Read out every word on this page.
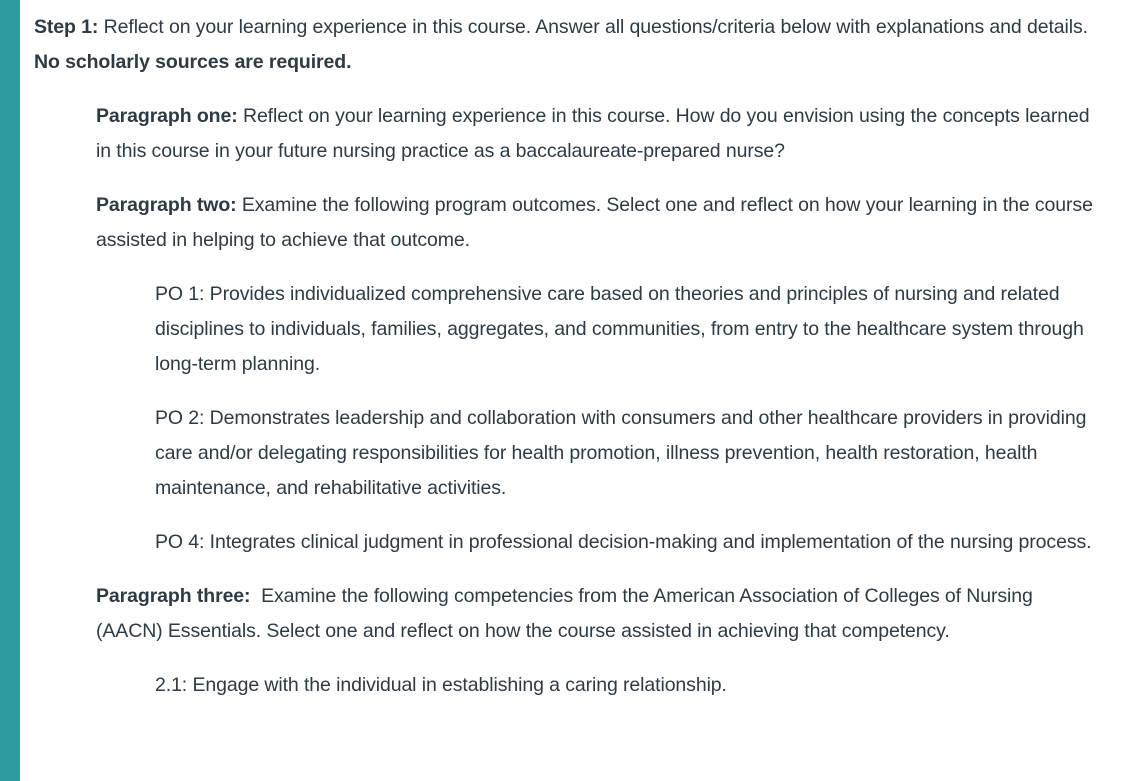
Step 1: Reflect on your learning experience in this course. Answer all questions/criteria below with explanations and details. No scholarly sources are required.

Paragraph one: Reflect on your learning experience in this course. How do you envision using the concepts learned in this course in your future nursing practice as a baccalaureate-prepared nurse?

Paragraph two: Examine the following program outcomes. Select one and reflect on how your learning in the course assisted in helping to achieve that outcome.

PO 1: Provides individualized comprehensive care based on theories and principles of nursing and related disciplines to individuals, families, aggregates, and communities, from entry to the healthcare system through long-term planning.

PO 2: Demonstrates leadership and collaboration with consumers and other healthcare providers in providing care and/or delegating responsibilities for health promotion, illness prevention, health restoration, health maintenance, and rehabilitative activities.

PO 4: Integrates clinical judgment in professional decision-making and implementation of the nursing process.

Paragraph three:  Examine the following competencies from the American Association of Colleges of Nursing (AACN) Essentials. Select one and reflect on how the course assisted in achieving that competency.

2.1: Engage with the individual in establishing a caring relationship.
